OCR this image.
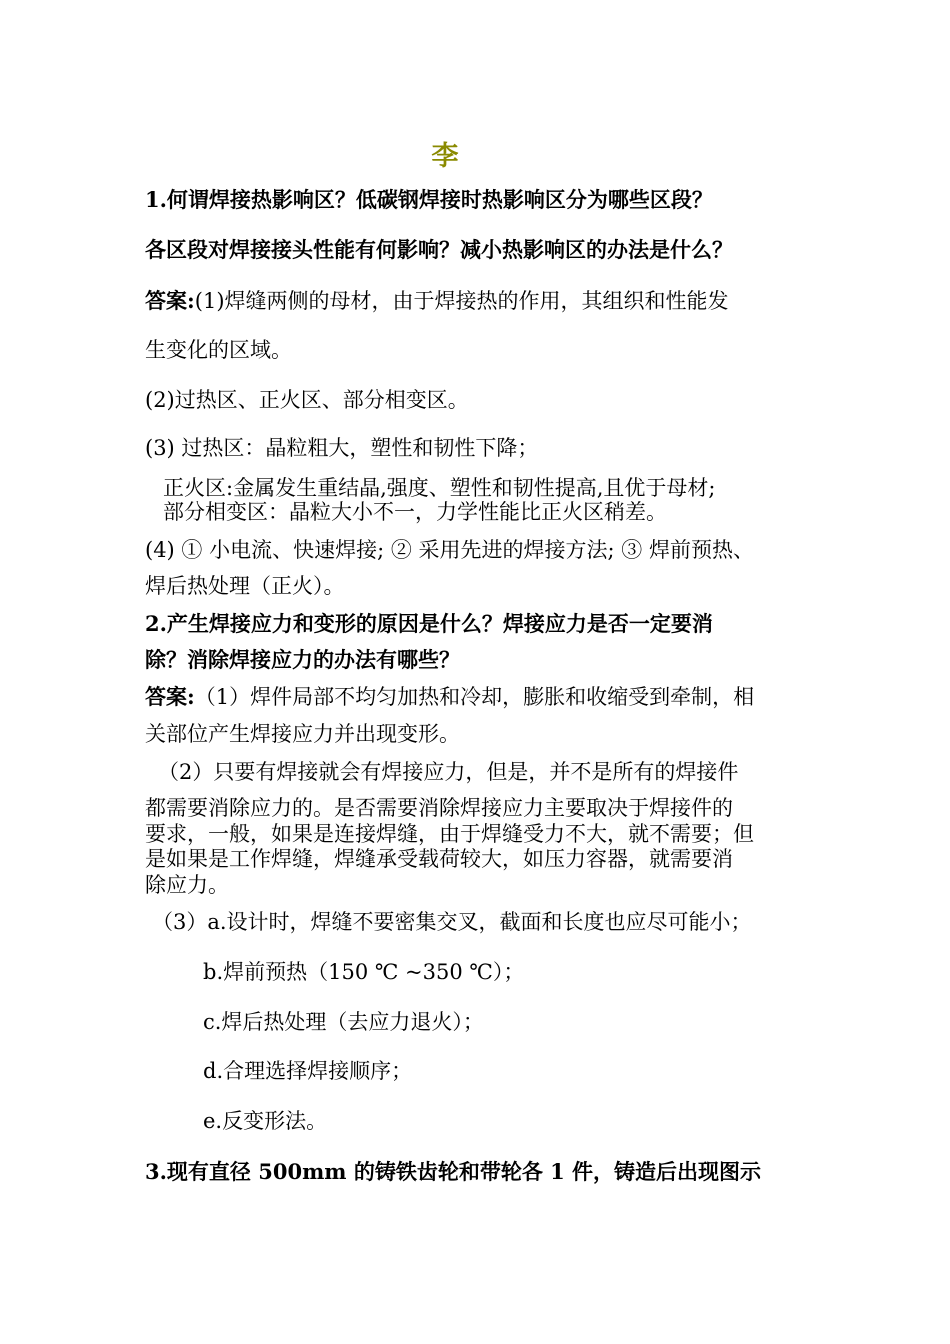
李
1.何谓焊接热影响区？低碳钢焊接时热影响区分为哪些区段？
各区段对焊接接头性能有何影响？减小热影响区的办法是什么？
答案:(1)焊缝两侧的母材，由于焊接热的作用，其组织和性能发
生变化的区域。
(2)过热区、正火区、部分相变区。
(3) 过热区：晶粒粗大，塑性和韧性下降；
正火区:金属发生重结晶,强度、塑性和韧性提高,且优于母材;
部分相变区：晶粒大小不一，力学性能比正火区稍差。
(4) ① 小电流、快速焊接; ② 采用先进的焊接方法; ③ 焊前预热、
焊后热处理（正火）。
2.产生焊接应力和变形的原因是什么？焊接应力是否一定要消
除？消除焊接应力的办法有哪些？
答案:（1）焊件局部不均匀加热和冷却，膨胀和收缩受到牵制，相
关部位产生焊接应力并出现变形。
（2）只要有焊接就会有焊接应力，但是，并不是所有的焊接件
都需要消除应力的。是否需要消除焊接应力主要取决于焊接件的
要求，一般，如果是连接焊缝，由于焊缝受力不大，就不需要；但
是如果是工作焊缝，焊缝承受载荷较大，如压力容器，就需要消
除应力。
（3）a.设计时，焊缝不要密集交叉，截面和长度也应尽可能小；
b.焊前预热（150 ℃ ~350 ℃）；
c.焊后热处理（去应力退火）；
d.合理选择焊接顺序；
e.反变形法。
3.现有直径 500mm 的铸铁齿轮和带轮各 1 件，铸造后出现图示
